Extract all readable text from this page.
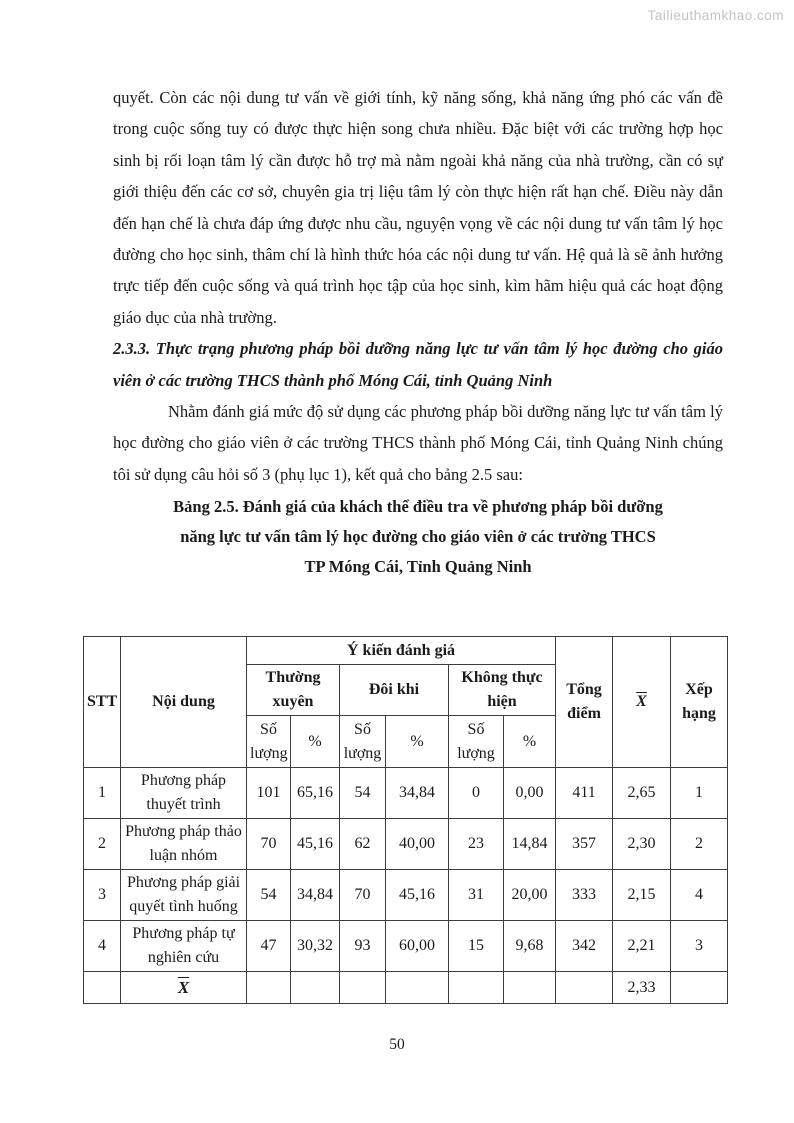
Tailieuthamkhao.com

quyết. Còn các nội dung tư vấn về giới tính, kỹ năng sống, khả năng ứng phó các vấn đề trong cuộc sống tuy có được thực hiện song chưa nhiều. Đặc biệt với các trường hợp học sinh bị rối loạn tâm lý cần được hỗ trợ mà nằm ngoài khả năng của nhà trường, cần có sự giới thiệu đến các cơ sở, chuyên gia trị liệu tâm lý còn thực hiện rất hạn chế. Điều này dẫn đến hạn chế là chưa đáp ứng được nhu cầu, nguyện vọng về các nội dung tư vấn tâm lý học đường cho học sinh, thâm chí là hình thức hóa các nội dung tư vấn. Hệ quả là sẽ ảnh hưởng trực tiếp đến cuộc sống và quá trình học tập của học sinh, kìm hãm hiệu quả các hoạt động giáo dục của nhà trường.

2.3.3. Thực trạng phương pháp bồi dưỡng năng lực tư vấn tâm lý học đường cho giáo viên ở các trường THCS thành phố Móng Cái, tỉnh Quảng Ninh

Nhằm đánh giá mức độ sử dụng các phương pháp bồi dưỡng năng lực tư vấn tâm lý học đường cho giáo viên ở các trường THCS thành phố Móng Cái, tỉnh Quảng Ninh chúng tôi sử dụng câu hỏi số 3 (phụ lục 1), kết quả cho bảng 2.5 sau:

Bảng 2.5. Đánh giá của khách thể điều tra về phương pháp bồi dưỡng
năng lực tư vấn tâm lý học đường cho giáo viên ở các trường THCS
TP Móng Cái, Tỉnh Quảng Ninh
STT	Nội dung	Ý kiến đánh giá						Tổng điểm	$\overline{X}$	Xếp hạng
		Thường xuyên		Đôi khi		Không thực hiện				
		Số lượng	%	Số lượng	%	Số lượng	%			
1	Phương pháp thuyết trình	101	65,16	54	34,84	0	0,00	411	2,65	1
2	Phương pháp thảo luận nhóm	70	45,16	62	40,00	23	14,84	357	2,30	2
3	Phương pháp giải quyết tình huống	54	34,84	70	45,16	31	20,00	333	2,15	4
4	Phương pháp tự nghiên cứu	47	30,32	93	60,00	15	9,68	342	2,21	3
	$\overline{X}$								2,33	
50
